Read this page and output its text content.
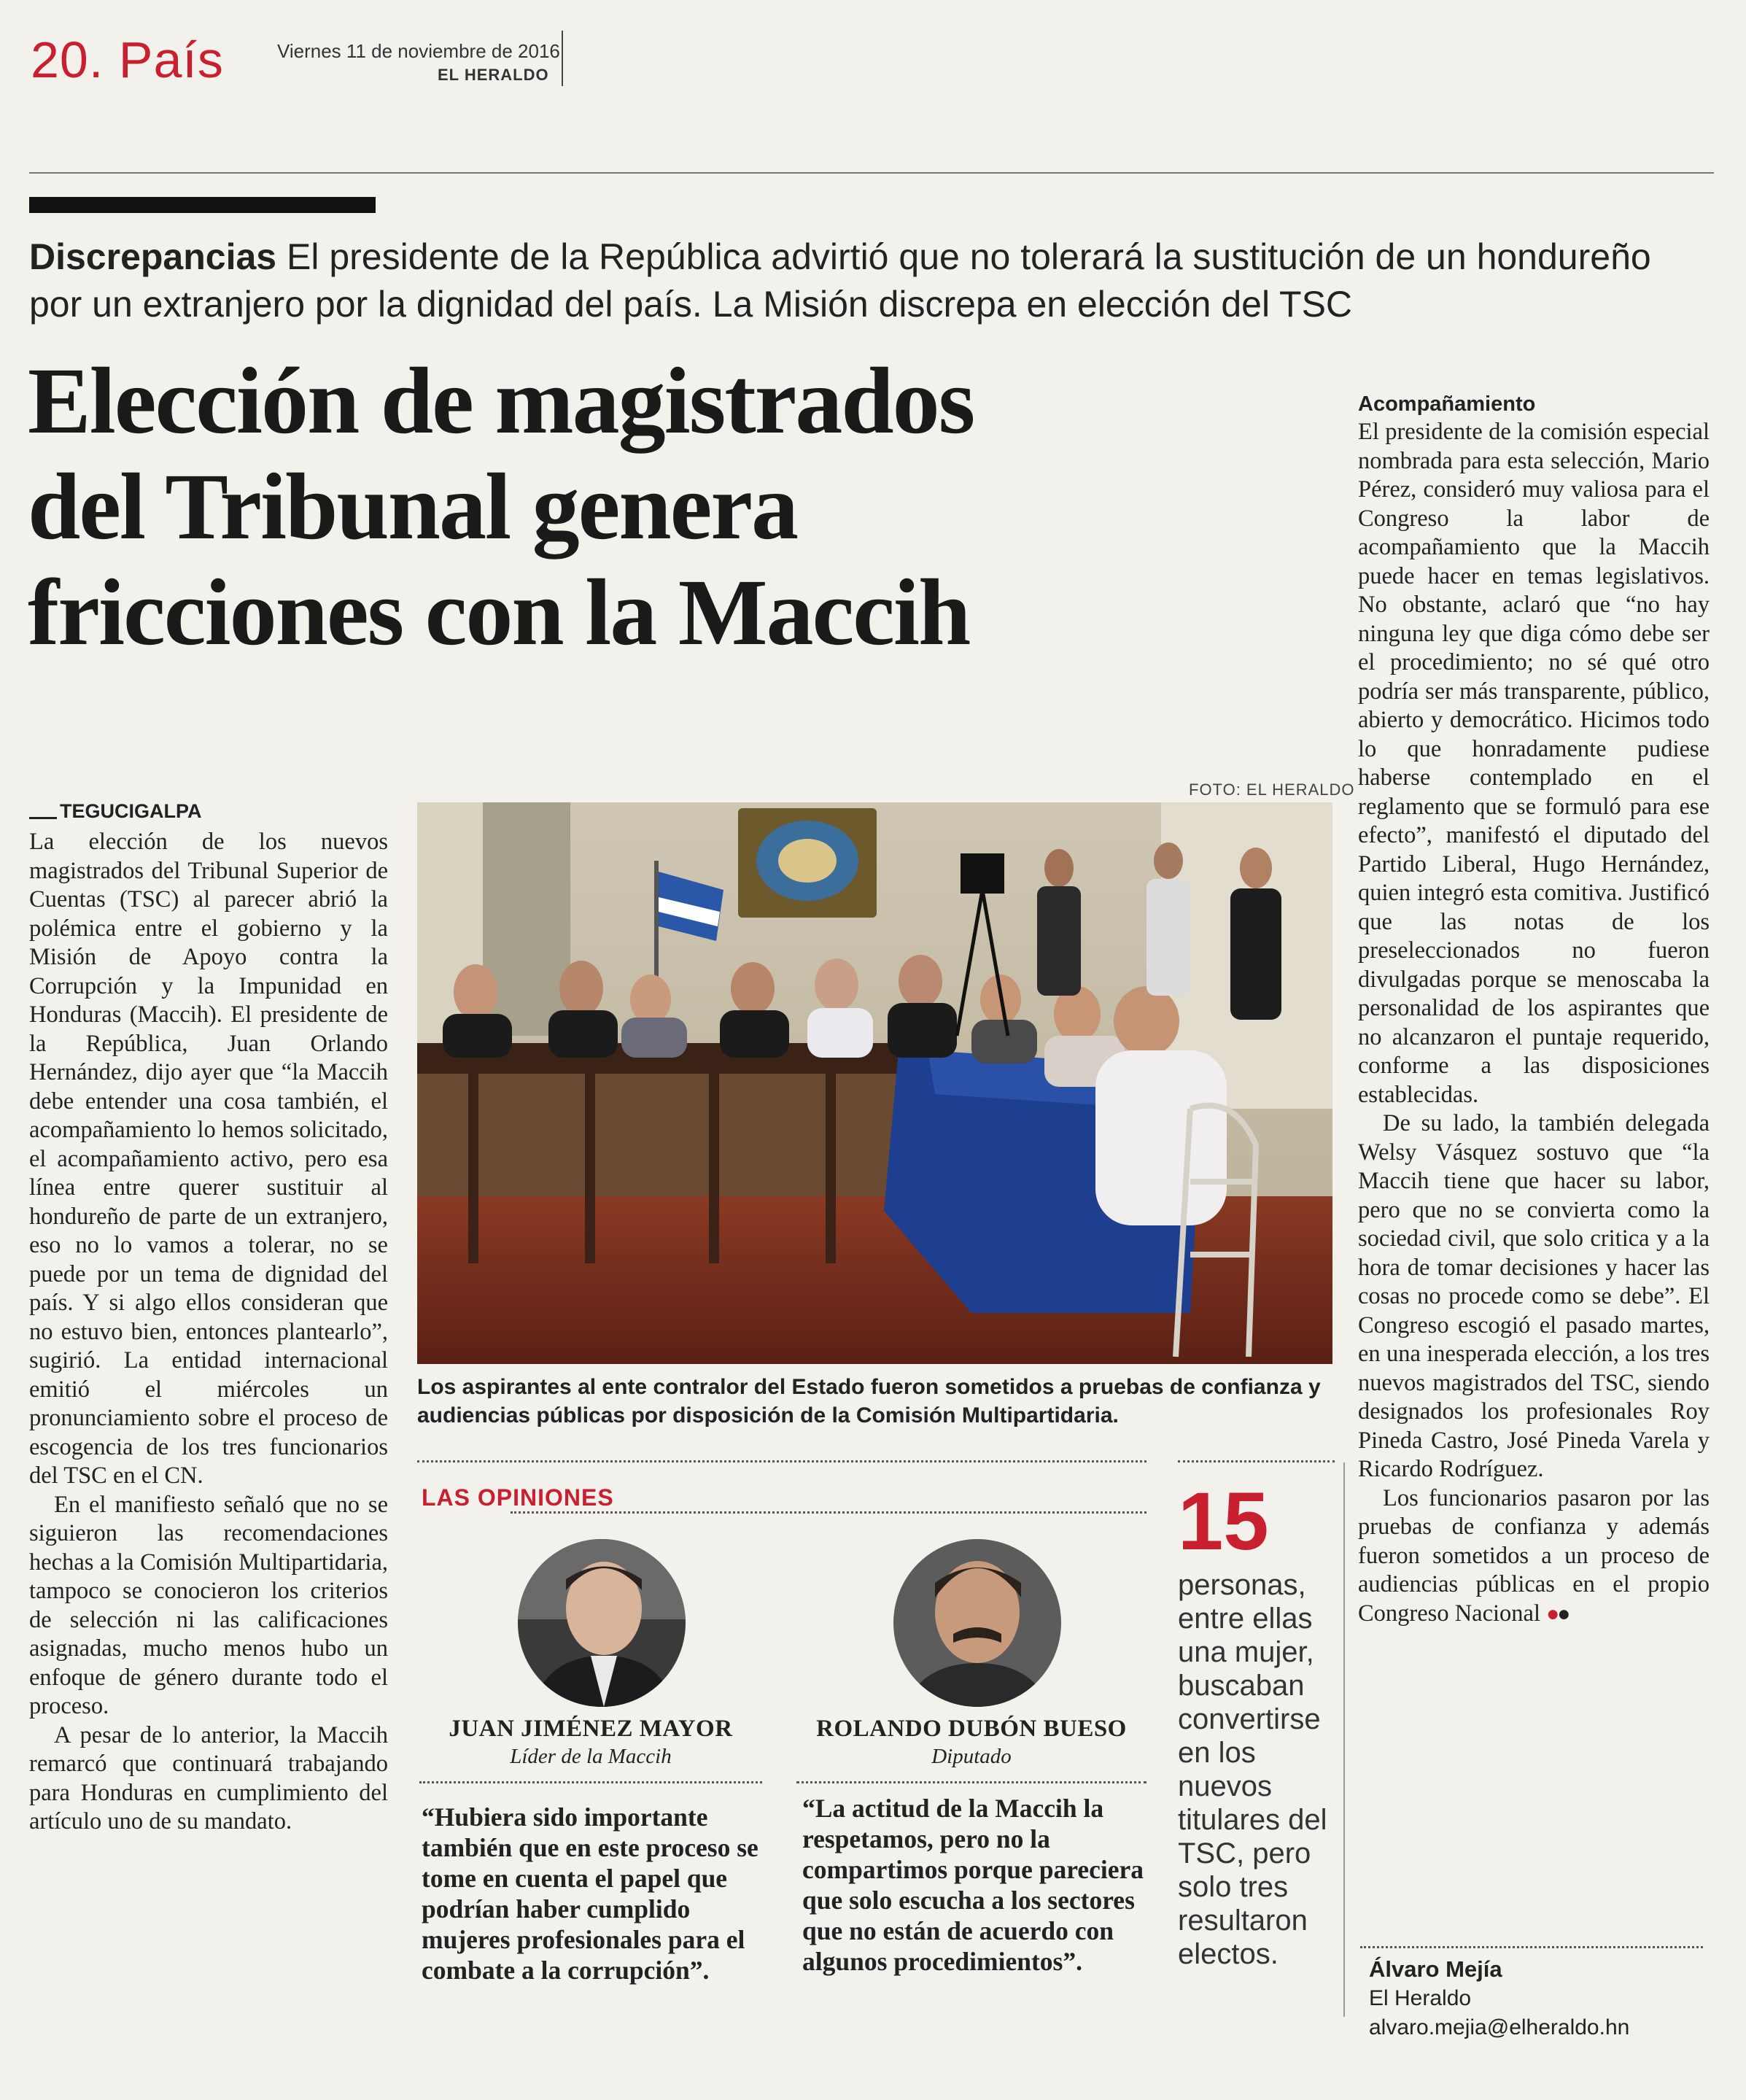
20. País	Viernes 11 de noviembre de 2016
EL HERALDO
Discrepancias El presidente de la República advirtió que no tolerará la sustitución de un hondureño por un extranjero por la dignidad del país. La Misión discrepa en elección del TSC
Elección de magistrados
del Tribunal genera
fricciones con la Maccih
TEGUCIGALPA

La elección de los nuevos magistrados del Tribunal Superior de Cuentas (TSC) al parecer abrió la polémica entre el gobierno y la Misión de Apoyo contra la Corrupción y la Impunidad en Honduras (Maccih). El presidente de la República, Juan Orlando Hernández, dijo ayer que “la Maccih debe entender una cosa también, el acompañamiento lo hemos solicitado, el acompañamiento activo, pero esa línea entre querer sustituir al hondureño de parte de un extranjero, eso no lo vamos a tolerar, no se puede por un tema de dignidad del país. Y si algo ellos consideran que no estuvo bien, entonces plantearlo”, sugirió. La entidad internacional emitió el miércoles un pronunciamiento sobre el proceso de escogencia de los tres funcionarios del TSC en el CN.

En el manifiesto señaló que no se siguieron las recomendaciones hechas a la Comisión Multipartidaria, tampoco se conocieron los criterios de selección ni las calificaciones asignadas, mucho menos hubo un enfoque de género durante todo el proceso.

A pesar de lo anterior, la Maccih remarcó que continuará trabajando para Honduras en cumplimiento del artículo uno de su mandato.

FOTO: EL HERALDO
Los aspirantes al ente contralor del Estado fueron sometidos a pruebas de confianza y audiencias públicas por disposición de la Comisión Multipartidaria.
LAS OPINIONES
JUAN JIMÉNEZ MAYOR
Líder de la Maccih
“Hubiera sido importante también que en este proceso se tome en cuenta el papel que podrían haber cumplido mujeres profesionales para el combate a la corrupción”.
ROLANDO DUBÓN BUESO
Diputado
“La actitud de la Maccih la respetamos, pero no la compartimos porque pareciera que solo escucha a los sectores que no están de acuerdo con algunos procedimientos”.
15
personas, entre ellas una mujer, buscaban convertirse en los nuevos titulares del TSC, pero solo tres resultaron electos.

Acompañamiento

El presidente de la comisión especial nombrada para esta selección, Mario Pérez, consideró muy valiosa para el Congreso la labor de acompañamiento que la Maccih puede hacer en temas legislativos. No obstante, aclaró que “no hay ninguna ley que diga cómo debe ser el procedimiento; no sé qué otro podría ser más transparente, público, abierto y democrático. Hicimos todo lo que honradamente pudiese haberse contemplado en el reglamento que se formuló para ese efecto”, manifestó el diputado del Partido Liberal, Hugo Hernández, quien integró esta comitiva. Justificó que las notas de los preseleccionados no fueron divulgadas porque se menoscaba la personalidad de los aspirantes que no alcanzaron el puntaje requerido, conforme a las disposiciones establecidas.

De su lado, la también delegada Welsy Vásquez sostuvo que “la Maccih tiene que hacer su labor, pero que no se convierta como la sociedad civil, que solo critica y a la hora de tomar decisiones y hacer las cosas no procede como se debe”. El Congreso escogió el pasado martes, en una inesperada elección, a los tres nuevos magistrados del TSC, siendo designados los profesionales Roy Pineda Castro, José Pineda Varela y Ricardo Rodríguez.

Los funcionarios pasaron por las pruebas de confianza y además fueron sometidos a un proceso de audiencias públicas en el propio Congreso Nacional ●●

Álvaro Mejía
El Heraldo
alvaro.mejia@elheraldo.hn
